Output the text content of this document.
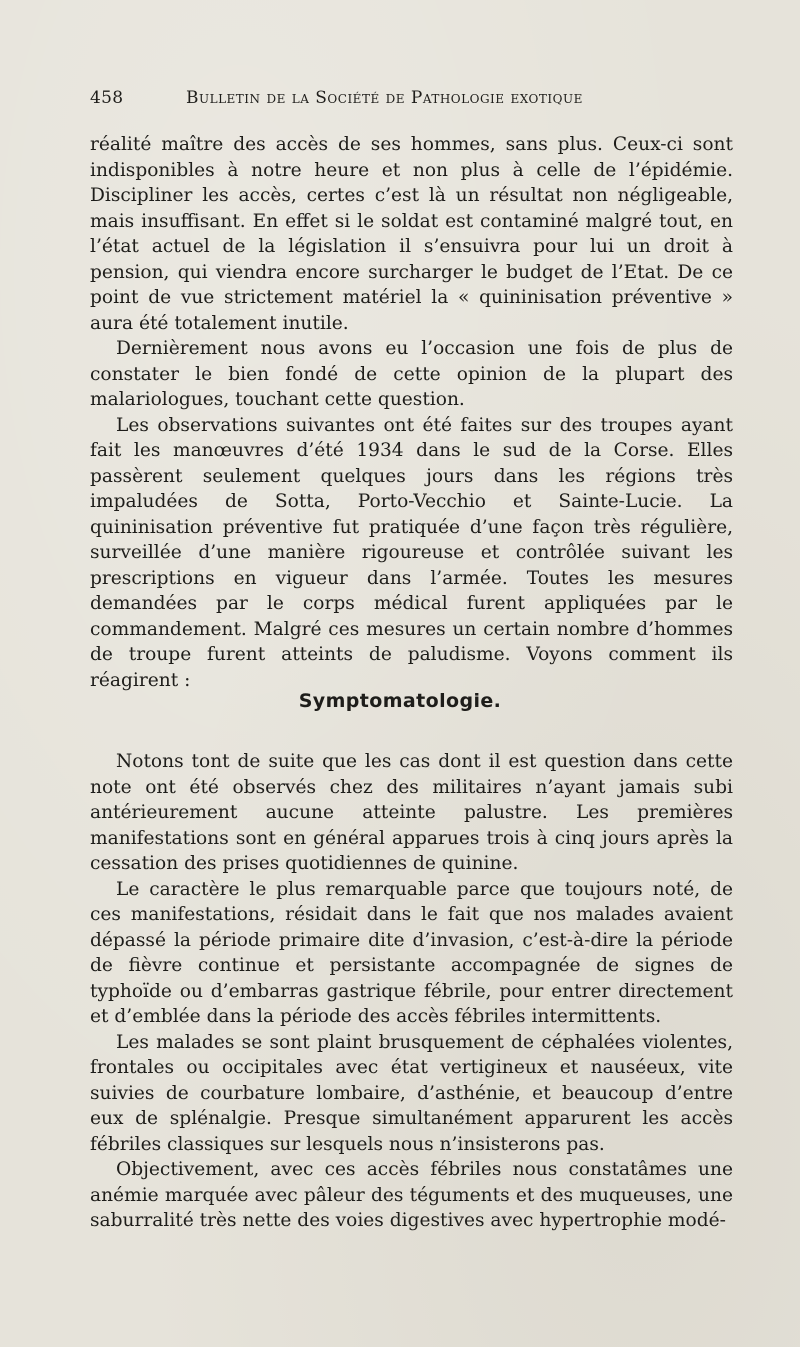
458	Bulletin de la Société de Pathologie exotique

réalité maître des accès de ses hommes, sans plus. Ceux-ci sont indisponibles à notre heure et non plus à celle de l’épidémie. Discipliner les accès, certes c’est là un résultat non négligeable, mais insuffisant. En effet si le soldat est contaminé malgré tout, en l’état actuel de la législation il s’ensuivra pour lui un droit à pension, qui viendra encore surcharger le budget de l’Etat. De ce point de vue strictement matériel la « quininisation préventive » aura été totalement inutile.

Dernièrement nous avons eu l’occasion une fois de plus de constater le bien fondé de cette opinion de la plupart des malariologues, touchant cette question.

Les observations suivantes ont été faites sur des troupes ayant fait les manœuvres d’été 1934 dans le sud de la Corse. Elles passèrent seulement quelques jours dans les régions très impaludées de Sotta, Porto-Vecchio et Sainte-Lucie. La quininisation préventive fut pratiquée d’une façon très régulière, surveillée d’une manière rigoureuse et contrôlée suivant les prescriptions en vigueur dans l’armée. Toutes les mesures demandées par le corps médical furent appliquées par le commandement. Malgré ces mesures un certain nombre d’hommes de troupe furent atteints de paludisme. Voyons comment ils réagirent :

Symptomatologie.

Notons tont de suite que les cas dont il est question dans cette note ont été observés chez des militaires n’ayant jamais subi antérieurement aucune atteinte palustre. Les premières manifestations sont en général apparues trois à cinq jours après la cessation des prises quotidiennes de quinine.

Le caractère le plus remarquable parce que toujours noté, de ces manifestations, résidait dans le fait que nos malades avaient dépassé la période primaire dite d’invasion, c’est-à-dire la période de fièvre continue et persistante accompagnée de signes de typhoïde ou d’embarras gastrique fébrile, pour entrer directement et d’emblée dans la période des accès fébriles intermittents.

Les malades se sont plaint brusquement de céphalées violentes, frontales ou occipitales avec état vertigineux et nauséeux, vite suivies de courbature lombaire, d’asthénie, et beaucoup d’entre eux de splénalgie. Presque simultanément apparurent les accès fébriles classiques sur lesquels nous n’insisterons pas.

Objectivement, avec ces accès fébriles nous constatâmes une anémie marquée avec pâleur des téguments et des muqueuses, une saburralité très nette des voies digestives avec hypertrophie modé-
